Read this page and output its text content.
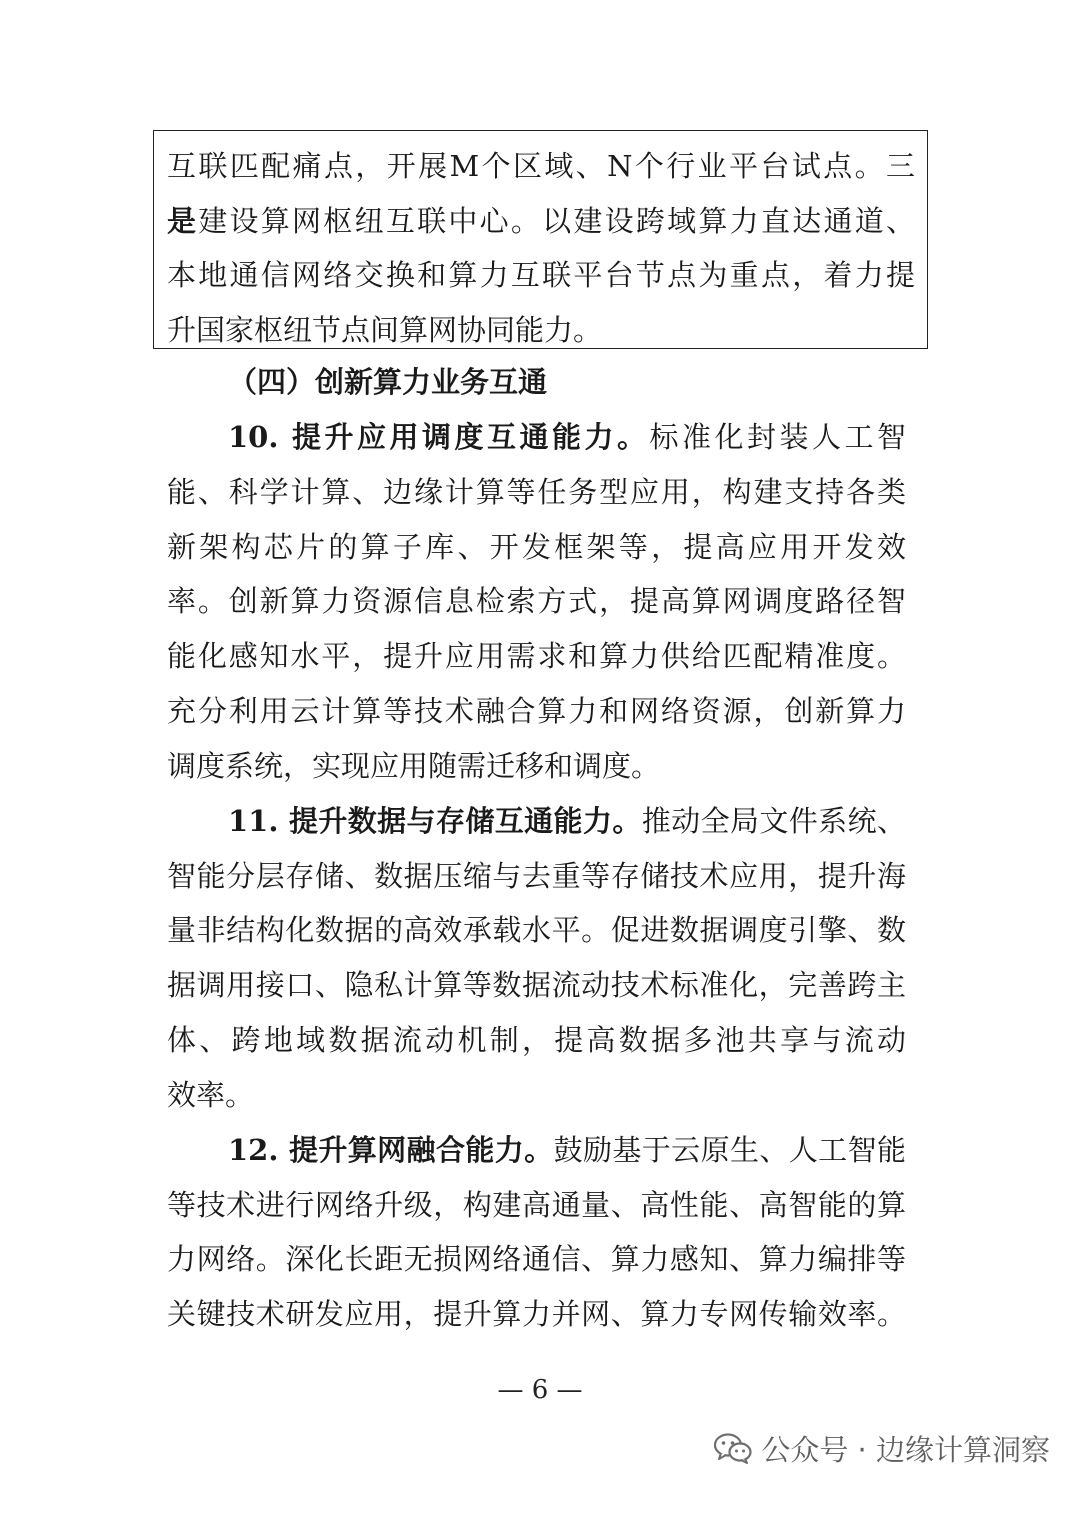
互联匹配痛点，开展M个区域、N个行业平台试点。三
是建设算网枢纽互联中心。以建设跨域算力直达通道、
本地通信网络交换和算力互联平台节点为重点，着力提
升国家枢纽节点间算网协同能力。
（四）创新算力业务互通
10. 提升应用调度互通能力。标准化封装人工智
能、科学计算、边缘计算等任务型应用，构建支持各类
新架构芯片的算子库、开发框架等，提高应用开发效
率。创新算力资源信息检索方式，提高算网调度路径智
能化感知水平，提升应用需求和算力供给匹配精准度。
充分利用云计算等技术融合算力和网络资源，创新算力
调度系统，实现应用随需迁移和调度。
11. 提升数据与存储互通能力。推动全局文件系统、
智能分层存储、数据压缩与去重等存储技术应用，提升海
量非结构化数据的高效承载水平。促进数据调度引擎、数
据调用接口、隐私计算等数据流动技术标准化，完善跨主
体、跨地域数据流动机制，提高数据多池共享与流动
效率。
12. 提升算网融合能力。鼓励基于云原生、人工智能
等技术进行网络升级，构建高通量、高性能、高智能的算
力网络。深化长距无损网络通信、算力感知、算力编排等
关键技术研发应用，提升算力并网、算力专网传输效率。
— 6 —
公众号 · 边缘计算洞察
